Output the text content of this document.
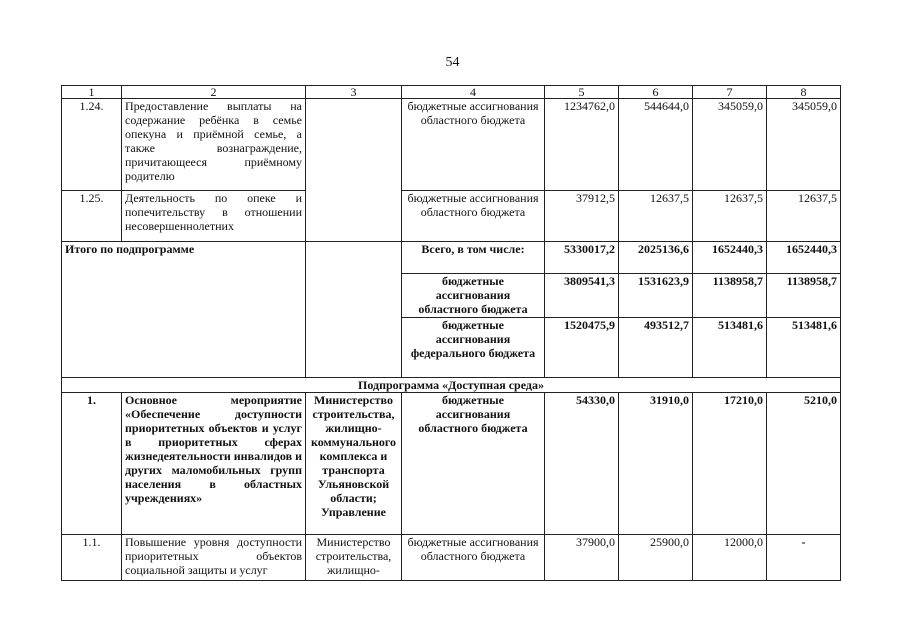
54
1	2	3	4	5	6	7	8
1.24.	Предоставление выплаты на содержание ребёнка в семье опекуна и приёмной семье, а также вознаграждение, причитающееся приёмному родителю		бюджетные ассигнования областного бюджета	1234762,0	544644,0	345059,0	345059,0
1.25.	Деятельность по опеке и попечительству в отношении несовершеннолетних		бюджетные ассигнования областного бюджета	37912,5	12637,5	12637,5	12637,5
Итого по подпрограмме			Всего, в том числе:	5330017,2	2025136,6	1652440,3	1652440,3
			бюджетные ассигнования областного бюджета	3809541,3	1531623,9	1138958,7	1138958,7
			бюджетные ассигнования федерального бюджета	1520475,9	493512,7	513481,6	513481,6
Подпрограмма «Доступная среда»							
1.	Основное мероприятие «Обеспечение доступности приоритетных объектов и услуг в приоритетных сферах жизнедеятельности инвалидов и других маломобильных групп населения в областных учреждениях»	Министерство строительства, жилищно-коммунального комплекса и транспорта Ульяновской области; Управление	бюджетные ассигнования областного бюджета	54330,0	31910,0	17210,0	5210,0
1.1.	Повышение уровня доступности приоритетных объектов социальной защиты и услуг	Министерство строительства, жилищно-	бюджетные ассигнования областного бюджета	37900,0	25900,0	12000,0	-
